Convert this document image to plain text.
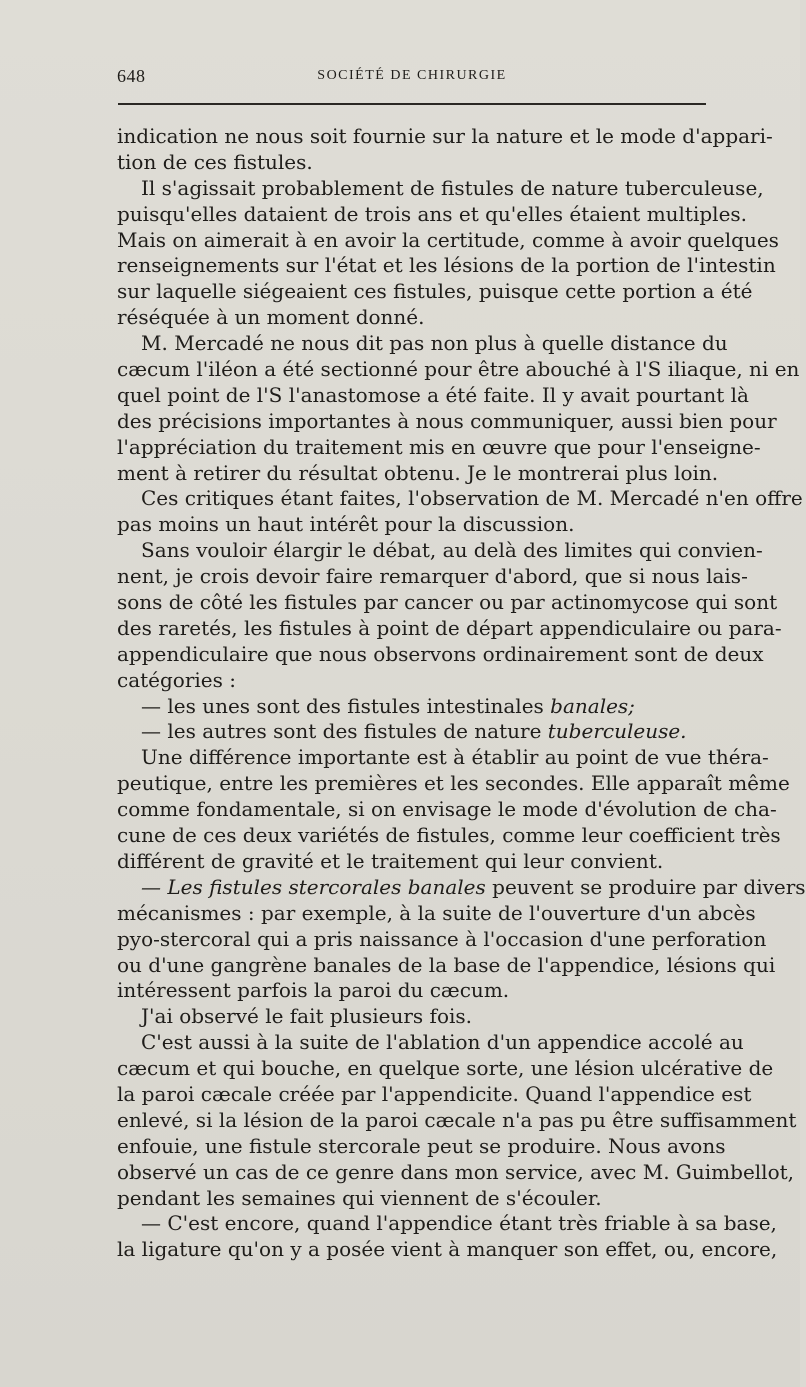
648	SOCIÉTÉ DE CHIRURGIE
indication ne nous soit fournie sur la nature et le mode d'appari-
tion de ces fistules.
Il s'agissait probablement de fistules de nature tuberculeuse,
puisqu'elles dataient de trois ans et qu'elles étaient multiples.
Mais on aimerait à en avoir la certitude, comme à avoir quelques
renseignements sur l'état et les lésions de la portion de l'intestin
sur laquelle siégeaient ces fistules, puisque cette portion a été
réséquée à un moment donné.
M. Mercadé ne nous dit pas non plus à quelle distance du
cæcum l'iléon a été sectionné pour être abouché à l'S iliaque, ni en
quel point de l'S l'anastomose a été faite. Il y avait pourtant là
des précisions importantes à nous communiquer, aussi bien pour
l'appréciation du traitement mis en œuvre que pour l'enseigne-
ment à retirer du résultat obtenu. Je le montrerai plus loin.
Ces critiques étant faites, l'observation de M. Mercadé n'en offre
pas moins un haut intérêt pour la discussion.
Sans vouloir élargir le débat, au delà des limites qui convien-
nent, je crois devoir faire remarquer d'abord, que si nous lais-
sons de côté les fistules par cancer ou par actinomycose qui sont
des raretés, les fistules à point de départ appendiculaire ou para-
appendiculaire que nous observons ordinairement sont de deux
catégories :
— les unes sont des fistules intestinales banales;
— les autres sont des fistules de nature tuberculeuse.
Une différence importante est à établir au point de vue théra-
peutique, entre les premières et les secondes. Elle apparaît même
comme fondamentale, si on envisage le mode d'évolution de cha-
cune de ces deux variétés de fistules, comme leur coefficient très
différent de gravité et le traitement qui leur convient.
— Les fistules stercorales banales peuvent se produire par divers
mécanismes : par exemple, à la suite de l'ouverture d'un abcès
pyo-stercoral qui a pris naissance à l'occasion d'une perforation
ou d'une gangrène banales de la base de l'appendice, lésions qui
intéressent parfois la paroi du cæcum.
J'ai observé le fait plusieurs fois.
C'est aussi à la suite de l'ablation d'un appendice accolé au
cæcum et qui bouche, en quelque sorte, une lésion ulcérative de
la paroi cæcale créée par l'appendicite. Quand l'appendice est
enlevé, si la lésion de la paroi cæcale n'a pas pu être suffisamment
enfouie, une fistule stercorale peut se produire. Nous avons
observé un cas de ce genre dans mon service, avec M. Guimbellot,
pendant les semaines qui viennent de s'écouler.
— C'est encore, quand l'appendice étant très friable à sa base,
la ligature qu'on y a posée vient à manquer son effet, ou, encore,
